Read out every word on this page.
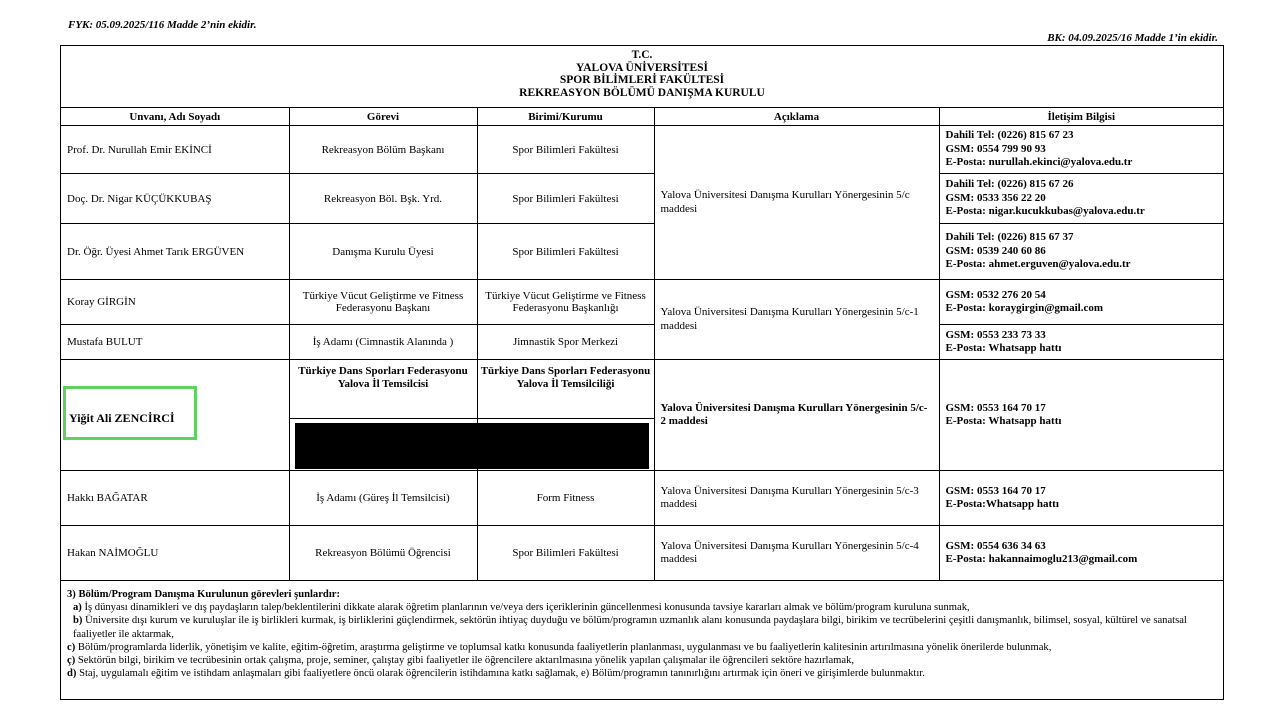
FYK: 05.09.2025/116 Madde 2’nin ekidir.
BK: 04.09.2025/16 Madde 1’in ekidir.
T.C.
YALOVA ÜNİVERSİTESİ
SPOR BİLİMLERİ FAKÜLTESİ
REKREASYON BÖLÜMÜ DANIŞMA KURULU
Unvanı, Adı Soyadı	Görevi	Birimi/Kurumu	Açıklama	İletişim Bilgisi
Prof. Dr. Nurullah Emir EKİNCİ	Rekreasyon Bölüm Başkanı	Spor Bilimleri Fakültesi	Yalova Üniversitesi Danışma Kurulları Yönergesinin 5/c maddesi	Dahili Tel: (0226) 815 67 23
GSM: 0554 799 90 93
E-Posta: nurullah.ekinci@yalova.edu.tr

Doç. Dr. Nigar KÜÇÜKKUBAŞ	Rekreasyon Böl. Bşk. Yrd.	Spor Bilimleri Fakültesi		Dahili Tel: (0226) 815 67 26
GSM: 0533 356 22 20
E-Posta: nigar.kucukkubas@yalova.edu.tr

Dr. Öğr. Üyesi Ahmet Tarık ERGÜVEN	Danışma Kurulu Üyesi	Spor Bilimleri Fakültesi		Dahili Tel: (0226) 815 67 37
GSM: 0539 240 60 86
E-Posta: ahmet.erguven@yalova.edu.tr

Koray GİRGİN	Türkiye Vücut Geliştirme ve Fitness Federasyonu Başkanı	Türkiye Vücut Geliştirme ve Fitness Federasyonu Başkanlığı	Yalova Üniversitesi Danışma Kurulları Yönergesinin 5/c-1 maddesi	GSM: 0532 276 20 54
E-Posta: koraygirgin@gmail.com

Mustafa BULUT	İş Adamı (Cimnastik Alanında )	Jimnastik Spor Merkezi		GSM: 0553 233 73 33
E-Posta: Whatsapp hattı

Yiğit Ali ZENCİRCİ	Türkiye Dans Sporları Federasyonu Yalova İl Temsilcisi	Türkiye Dans Sporları Federasyonu Yalova İl Temsilciliği	Yalova Üniversitesi Danışma Kurulları Yönergesinin 5/c-2 maddesi	GSM: 0553 164 70 17
E-Posta: Whatsapp hattı

Hakkı BAĞATAR	İş Adamı (Güreş İl Temsilcisi)	Form Fitness	Yalova Üniversitesi Danışma Kurulları Yönergesinin 5/c-3 maddesi	GSM: 0553 164 70 17
E-Posta:Whatsapp hattı

Hakan NAİMOĞLU	Rekreasyon Bölümü Öğrencisi	Spor Bilimleri Fakültesi	Yalova Üniversitesi Danışma Kurulları Yönergesinin 5/c-4 maddesi	GSM: 0554 636 34 63
E-Posta: hakannaimoglu213@gmail.com

3) Bölüm/Program Danışma Kurulunun görevleri şunlardır:

a) İş dünyası dinamikleri ve dış paydaşların talep/beklentilerini dikkate alarak öğretim planlarının ve/veya ders içeriklerinin güncellenmesi konusunda tavsiye kararları almak ve bölüm/program kuruluna sunmak,

b) Üniversite dışı kurum ve kuruluşlar ile iş birlikleri kurmak, iş birliklerini güçlendirmek, sektörün ihtiyaç duyduğu ve bölüm/programın uzmanlık alanı konusunda paydaşlara bilgi, birikim ve tecrübelerini çeşitli danışmanlık, bilimsel, sosyal, kültürel ve sanatsal faaliyetler ile aktarmak,

c) Bölüm/programlarda liderlik, yönetişim ve kalite, eğitim-öğretim, araştırma geliştirme ve toplumsal katkı konusunda faaliyetlerin planlanması, uygulanması ve bu faaliyetlerin kalitesinin artırılmasına yönelik önerilerde bulunmak,

ç) Sektörün bilgi, birikim ve tecrübesinin ortak çalışma, proje, seminer, çalıştay gibi faaliyetler ile öğrencilere aktarılmasına yönelik yapılan çalışmalar ile öğrencileri sektöre hazırlamak,

d) Staj, uygulamalı eğitim ve istihdam anlaşmaları gibi faaliyetlere öncü olarak öğrencilerin istihdamına katkı sağlamak, e) Bölüm/programın tanınırlığını artırmak için öneri ve girişimlerde bulunmaktır.
